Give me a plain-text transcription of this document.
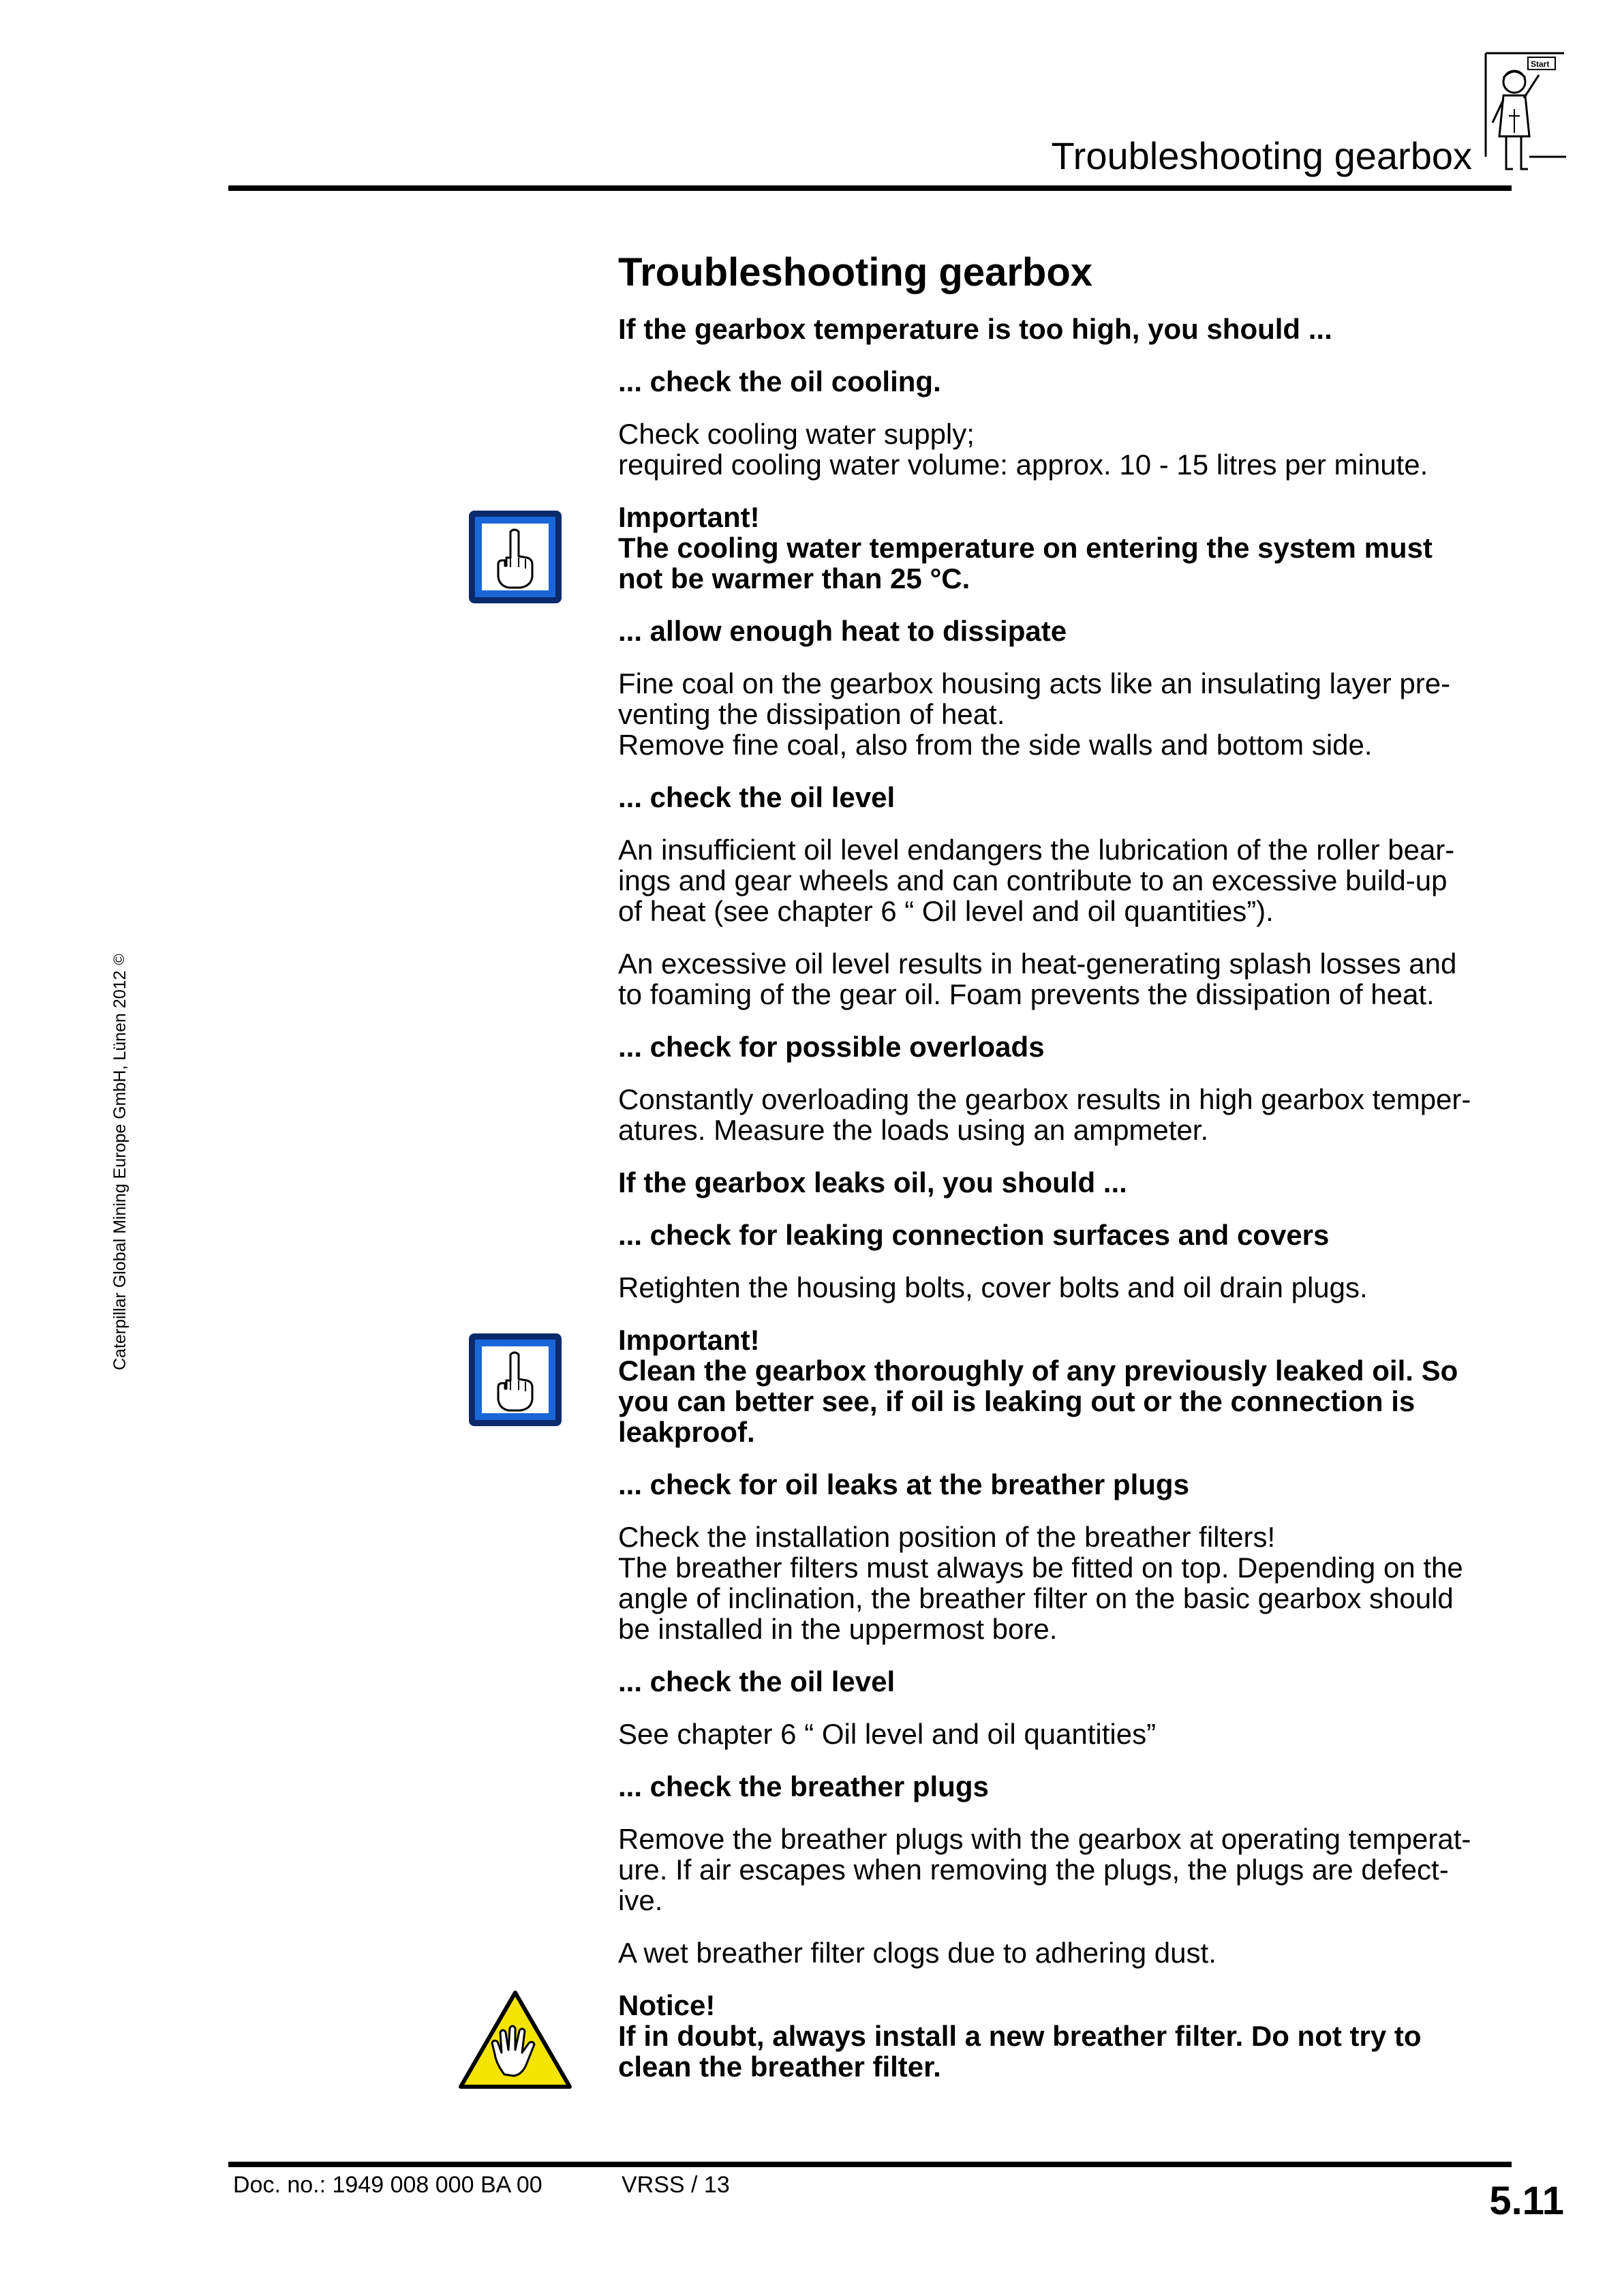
Troubleshooting gearbox
Start
Caterpillar Global Mining Europe GmbH, Lünen 2012©
Troubleshooting gearbox

If the gearbox temperature is too high, you should ...

... check the oil cooling.

Check cooling water supply;

required cooling water volume: approx. 10 - 15 litres per minute.

Important!

The cooling water temperature on entering the system must

not be warmer than 25 °C.

... allow enough heat to dissipate

Fine coal on the gearbox housing acts like an insulating layer pre-

venting the dissipation of heat.

Remove fine coal, also from the side walls and bottom side.

... check the oil level

An insufficient oil level endangers the lubrication of the roller bear-

ings and gear wheels and can contribute to an excessive build-up

of heat (see chapter 6 “ Oil level and oil quantities”).

An excessive oil level results in heat-generating splash losses and

to foaming of the gear oil. Foam prevents the dissipation of heat.

... check for possible overloads

Constantly overloading the gearbox results in high gearbox temper-

atures. Measure the loads using an ampmeter.

If the gearbox leaks oil, you should ...

... check for leaking connection surfaces and covers

Retighten the housing bolts, cover bolts and oil drain plugs.

Important!

Clean the gearbox thoroughly of any previously leaked oil. So

you can better see, if oil is leaking out or the connection is

leakproof.

... check for oil leaks at the breather plugs

Check the installation position of the breather filters!

The breather filters must always be fitted on top. Depending on the

angle of inclination, the breather filter on the basic gearbox should

be installed in the uppermost bore.

... check the oil level

See chapter 6 “ Oil level and oil quantities”

... check the breather plugs

Remove the breather plugs with the gearbox at operating temperat-

ure. If air escapes when removing the plugs, the plugs are defect-

ive.

A wet breather filter clogs due to adhering dust.

Notice!

If in doubt, always install a new breather filter. Do not try to

clean the breather filter.

Doc. no.: 1949 008 000 BA 00	VRSS / 13	5.11
